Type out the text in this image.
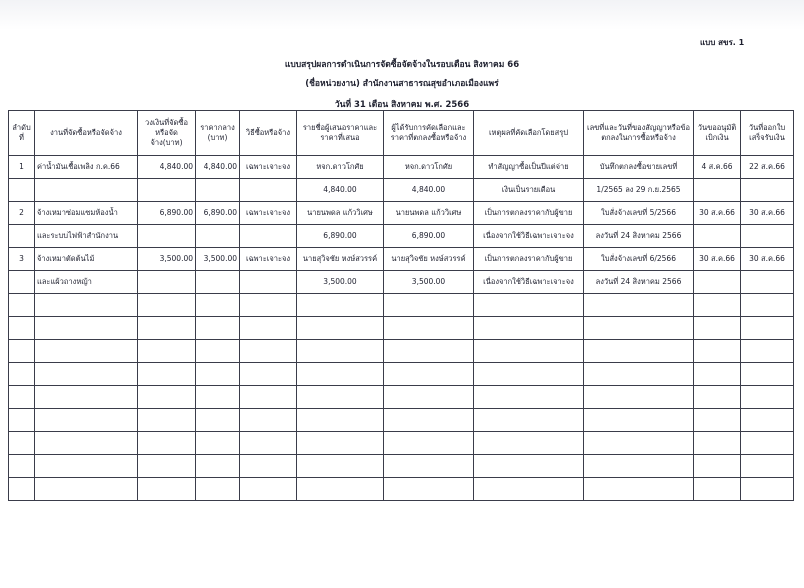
แบบ สขร. 1
แบบสรุปผลการดำเนินการจัดซื้อจัดจ้างในรอบเดือน สิงหาคม 66
(ชื่อหน่วยงาน) สำนักงานสาธารณสุขอำเภอเมืองแพร่
วันที่ 31 เดือน สิงหาคม พ.ศ. 2566
ลำดับที่	งานที่จัดซื้อหรือจัดจ้าง	วงเงินที่จัดซื้อหรือจัดจ้าง(บาท)	ราคากลาง (บาท)	วิธีซื้อหรือจ้าง	รายชื่อผู้เสนอราคาและราคาที่เสนอ	ผู้ได้รับการคัดเลือกและราคาที่ตกลงซื้อหรือจ้าง	เหตุผลที่คัดเลือกโดยสรุป	เลขที่และวันที่ของสัญญาหรือข้อตกลงในการซื้อหรือจ้าง	วันขออนุมัติเบิกเงิน	วันที่ออกใบเสร็จรับเงิน
1	ค่าน้ำมันเชื้อเพลิง ก.ค.66	4,840.00	4,840.00	เฉพาะเจาะจง	หจก.ดาวโกศัย	หจก.ดาวโกศัย	ทำสัญญาซื้อเป็นปีแต่จ่าย	บันทึกตกลงซื้อขายเลขที่	4 ส.ค.66	22 ส.ค.66
					4,840.00	4,840.00	เงินเป็นรายเดือน	1/2565 ลง 29 ก.ย.2565		
2	จ้างเหมาซ่อมแซมห้องน้ำ	6,890.00	6,890.00	เฉพาะเจาะจง	นายนพดล แก้ววิเศษ	นายนพดล แก้ววิเศษ	เป็นการตกลงราคากับผู้ขาย	ใบสั่งจ้างเลขที่ 5/2566	30 ส.ค.66	30 ส.ค.66
	และระบบไฟฟ้าสำนักงาน				6,890.00	6,890.00	เนื่องจากใช้วิธีเฉพาะเจาะจง	ลงวันที่ 24 สิงหาคม 2566		
3	จ้างเหมาตัดต้นไม้	3,500.00	3,500.00	เฉพาะเจาะจง	นายสุวิจชัย หงษ์สวรรค์	นายสุวิจชัย หงษ์สวรรค์	เป็นการตกลงราคากับผู้ขาย	ใบสั่งจ้างเลขที่ 6/2566	30 ส.ค.66	30 ส.ค.66
	และแผ้วถางหญ้า				3,500.00	3,500.00	เนื่องจากใช้วิธีเฉพาะเจาะจง	ลงวันที่ 24 สิงหาคม 2566		
